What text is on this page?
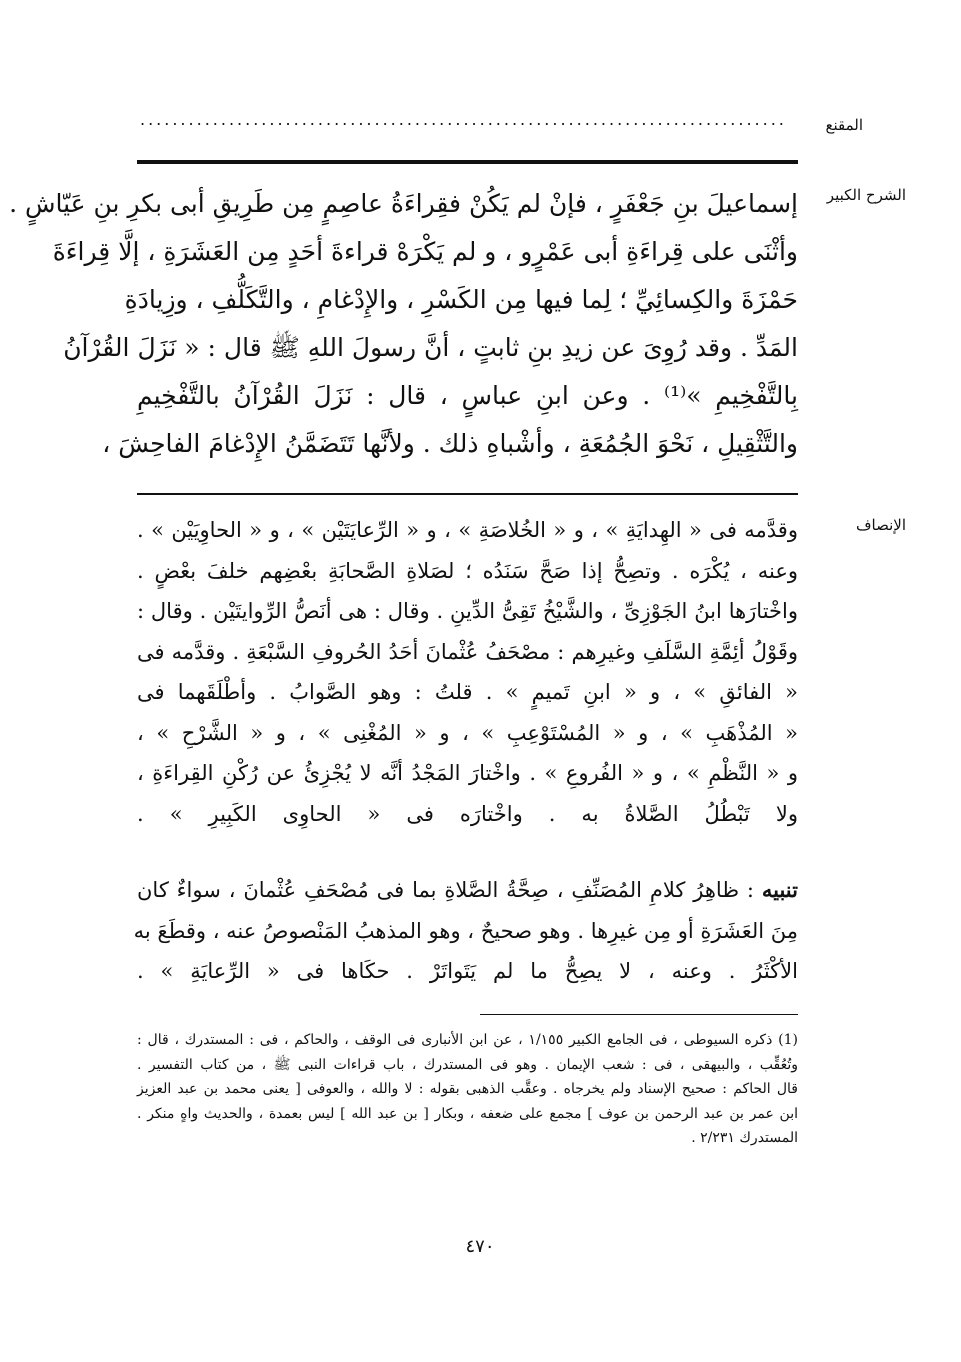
المقنع
................................................................................
الشرح الكبير
إسماعيلَ بنِ جَعْفَرٍ ، فإنْ لم يَكُنْ فقِراءَةُ عاصِمٍ مِن طَرِيقِ أبى بكرِ بنِ عَيّاشٍ .
وأثْنَى على قِراءَةِ أبى عَمْرٍو ، و لم يَكْرَهْ قراءةَ أحَدٍ مِن العَشَرَةِ ، إلَّا قِراءَةَ
حَمْزَةَ والكِسائِيِّ ؛ لِما فيها مِن الكَسْرِ ، والإِدْغامِ ، والتَّكَلُّفِ ، وزِيادَةِ
المَدِّ . وقد رُوِىَ عن زيدِ بنِ ثابتٍ ، أنَّ رسولَ اللهِ ﷺ قال : « نَزَلَ القُرْآنُ
بِالتَّفْخِيمِ »⁽¹⁾ . وعن ابنِ عباسٍ ، قال : نَزَلَ القُرْآنُ بالتَّفْخِيمِ
والتَّثْقِيلِ ، نَحْوَ الجُمُعَةِ ، وأشْباهِ ذلك . ولأنَّها تَتَضَمَّنُ الإِدْغامَ الفاحِشَ ،
الإنصاف
وقدَّمه فى « الهِدايَةِ » ، و « الخُلاصَةِ » ، و « الرِّعايَتَيْن » ، و « الحاوِيَيْن » .
وعنه ، يُكْرَه . وتصِحُّ إذا صَحَّ سَنَدُه ؛ لصَلاةِ الصَّحابَةِ بعْضِهم خلفَ بعْضٍ .
واخْتارَها ابنُ الجَوْزِىِّ ، والشَّيْخُ تَقِىُّ الدِّينِ . وقال : هى أنَصُّ الرِّوايتَيْن . وقال :
وقَوْلُ أئِمَّةِ السَّلَفِ وغيرِهم : مصْحَفُ عُثْمانَ أحَدُ الحُروفِ السَّبْعَةِ . وقدَّمه فى
« الفائقِ » ، و « ابنِ تَميمٍ » . قلتُ : وهو الصَّوابُ . وأطْلَقَهما فى
« المُذْهَبِ » ، و « المُسْتَوْعِبِ » ، و « المُغْنِى » ، و « الشَّرْحِ » ،
و « النَّظْمِ » ، و « الفُروعِ » . واخْتارَ المَجْدُ أنَّه لا يُجْزِئُ عن رُكْنِ القِراءَةِ ،
ولا تَبْطُلُ الصَّلاةُ به . واخْتارَه فى « الحاوِى الكَبِيرِ » .
تنبيه : ظاهِرُ كلامِ المُصَنِّفِ ، صِحَّةُ الصَّلاةِ بما فى مُصْحَفِ عُثْمانَ ، سواءٌ كان
مِنَ العَشَرَةِ أو مِن غيرِها . وهو صحيحٌ ، وهو المذهبُ المَنْصوصُ عنه ، وقطَعَ به
الأكْثَرُ . وعنه ، لا يصِحُّ ما لم يَتَواتَرْ . حكَاها فى « الرِّعايَةِ » .
(1) ذكره السيوطى ، فى الجامع الكبير ١/١٥٥ ، عن ابن الأنبارى فى الوقف ، والحاكم ، فى : المستدرك ، قال :
وتُعُقِّب ، والبيهقى ، فى : شعب الإيمان . وهو فى المستدرك ، باب قراءات النبى ﷺ ، من كتاب التفسير .
قال الحاكم : صحيح الإسناد ولم يخرجاه . وعقَّب الذهبى بقوله : لا والله ، والعوفى [ يعنى محمد بن عبد العزيز
ابن عمر بن عبد الرحمن بن عوف ] مجمع على ضعفه ، وبكار [ بن عبد الله ] ليس بعمدة ، والحديث واهٍ منكر .
المستدرك ٢/٢٣١ .
٤٧٠
